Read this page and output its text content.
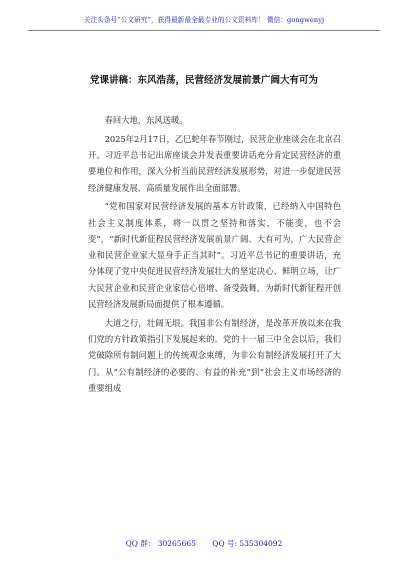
关注头条号“公文研究”，获得最新最全最专业的公文资料库！ 微信：gongwenyj
党课讲稿：东风浩荡，民营经济发展前景广阔大有可为

春回大地，东风送暖。

2025年2月17日，乙巳蛇年春节刚过，民营企业座谈会在北京召开。习近平总书记出席座谈会并发表重要讲话充分肯定民营经济的重要地位和作用，深入分析当前民营经济发展形势，对进一步促进民营经济健康发展、高质量发展作出全面部署。

“党和国家对民营经济发展的基本方针政策，已经纳入中国特色社会主义制度体系，将一以贯之坚持和落实，不能变，也不会变”，“新时代新征程民营经济发展前景广阔、大有可为，广大民营企业和民营企业家大显身手正当其时”。习近平总书记的重要讲话，充分体现了党中央促进民营经济发展壮大的坚定决心、鲜明立场，让广大民营企业和民营企业家信心倍增、备受鼓舞，为新时代新征程开创民营经济发展新局面提供了根本遵循。

大道之行，壮阔无垠。我国非公有制经济，是改革开放以来在我们党的方针政策指引下发展起来的。党的十一届三中全会以后，我们党破除所有制问题上的传统观念束缚，为非公有制经济发展打开了大门。从“公有制经济的必要的、有益的补充”到“社会主义市场经济的重要组成

QQ 群： 30265665 QQ 号: 535304092
